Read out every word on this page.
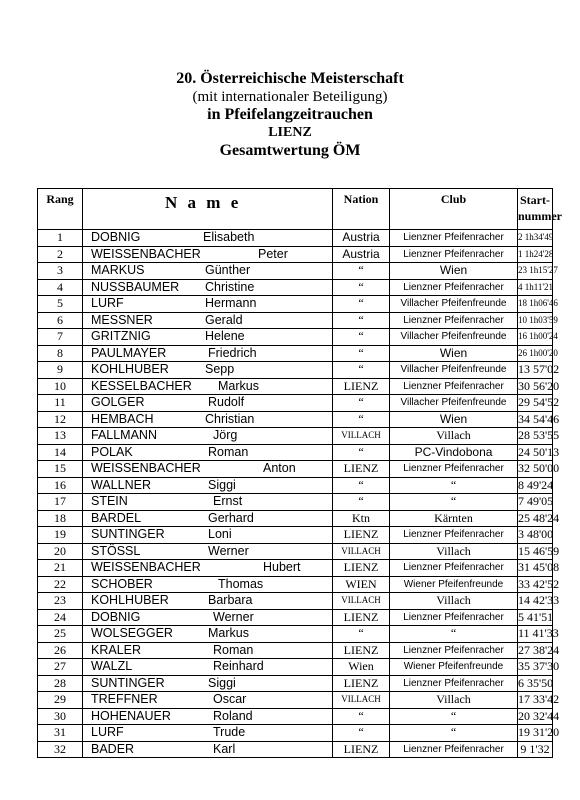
20. Österreichische Meisterschaft
(mit internationaler Beteiligung)
in Pfeifelangzeitrauchen
LIENZ
Gesamtwertung ÖM
Rang	N a m e	Nation	Club	Start-
nummer

1	DOBNIG Elisabeth	Austria	Lienzner Pfeifenracher	2 1h34'49
2	WEISSENBACHER Peter	Austria	Lienzner Pfeifenracher	1 1h24'28
3	MARKUS Günther	“	Wien	23 1h15'27
4	NUSSBAUMER Christine	“	Lienzner Pfeifenracher	4 1h11'21
5	LURF Hermann	“	Villacher Pfeifenfreunde	18 1h06'46
6	MESSNER Gerald	“	Lienzner Pfeifenracher	10 1h03'59
7	GRITZNIG Helene	“	Villacher Pfeifenfreunde	16 1h00'24
8	PAULMAYER Friedrich	“	Wien	26 1h00'20
9	KOHLHUBER Sepp	“	Villacher Pfeifenfreunde	13 57'02
10	KESSELBACHER Markus	LIENZ	Lienzner Pfeifenracher	30 56'20
11	GOLGER Rudolf	“	Villacher Pfeifenfreunde	29 54'52
12	HEMBACH Christian	“	Wien	34 54'46
13	FALLMANN Jörg	VILLACH	Villach	28 53'55
14	POLAK Roman	“	PC-Vindobona	24 50'13
15	WEISSENBACHER Anton	LIENZ	Lienzner Pfeifenracher	32 50'00
16	WALLNER Siggi	“	“	8 49'24
17	STEIN Ernst	“	“	7 49'05
18	BARDEL Gerhard	Ktn	Kärnten	25 48'24
19	SUNTINGER Loni	LIENZ	Lienzner Pfeifenracher	3 48'00
20	STÖSSL Werner	VILLACH	Villach	15 46'59
21	WEISSENBACHER Hubert	LIENZ	Lienzner Pfeifenracher	31 45'08
22	SCHOBER Thomas	WIEN	Wiener Pfeifenfreunde	33 42'52
23	KOHLHUBER Barbara	VILLACH	Villach	14 42'33
24	DOBNIG Werner	LIENZ	Lienzner Pfeifenracher	5 41'51
25	WOLSEGGER Markus	“	“	11 41'33
26	KRALER Roman	LIENZ	Lienzner Pfeifenracher	27 38'24
27	WALZL Reinhard	Wien	Wiener Pfeifenfreunde	35 37'30
28	SUNTINGER Siggi	LIENZ	Lienzner Pfeifenracher	6 35'50
29	TREFFNER Oscar	VILLACH	Villach	17 33'42
30	HOHENAUER Roland	“	“	20 32'44
31	LURF Trude	“	“	19 31'20
32	BADER Karl	LIENZ	Lienzner Pfeifenracher	9 1'32
